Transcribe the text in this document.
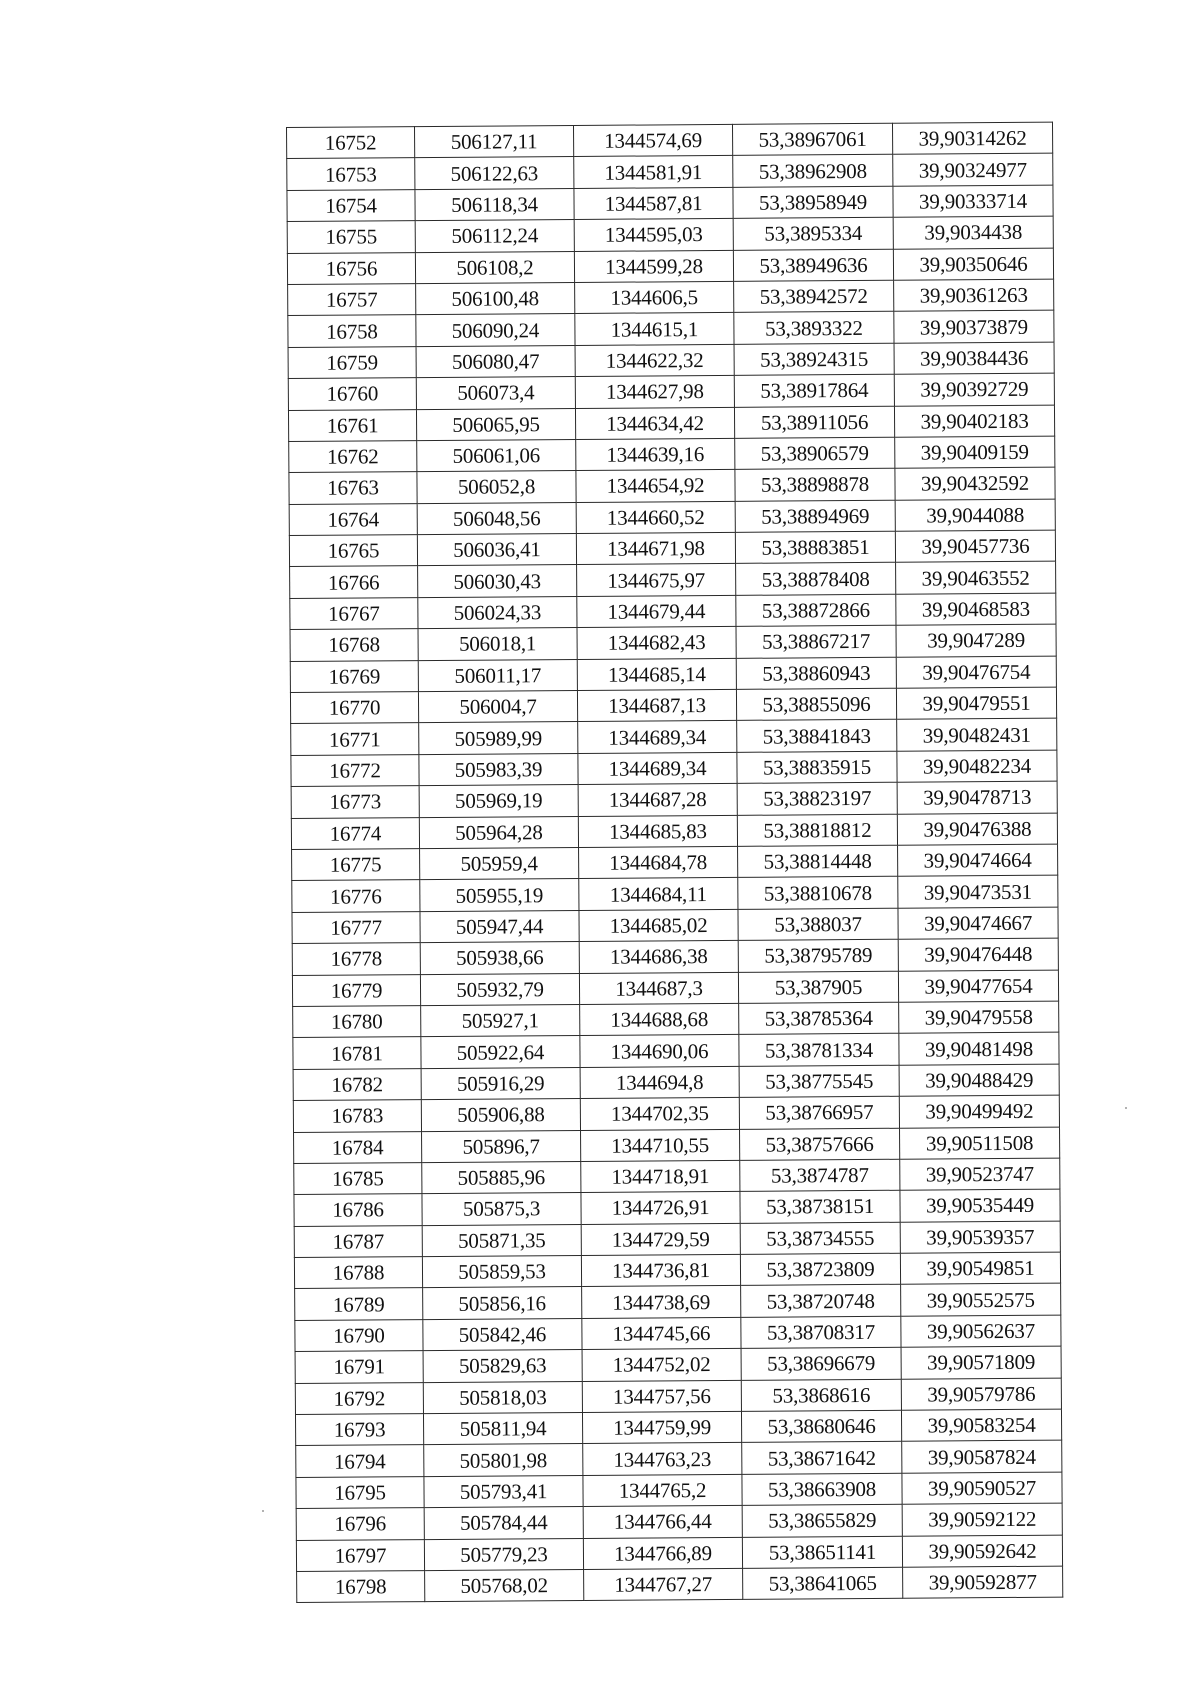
16752	506127,11	1344574,69	53,38967061	39,90314262
16753	506122,63	1344581,91	53,38962908	39,90324977
16754	506118,34	1344587,81	53,38958949	39,90333714
16755	506112,24	1344595,03	53,3895334	39,9034438
16756	506108,2	1344599,28	53,38949636	39,90350646
16757	506100,48	1344606,5	53,38942572	39,90361263
16758	506090,24	1344615,1	53,3893322	39,90373879
16759	506080,47	1344622,32	53,38924315	39,90384436
16760	506073,4	1344627,98	53,38917864	39,90392729
16761	506065,95	1344634,42	53,38911056	39,90402183
16762	506061,06	1344639,16	53,38906579	39,90409159
16763	506052,8	1344654,92	53,38898878	39,90432592
16764	506048,56	1344660,52	53,38894969	39,9044088
16765	506036,41	1344671,98	53,38883851	39,90457736
16766	506030,43	1344675,97	53,38878408	39,90463552
16767	506024,33	1344679,44	53,38872866	39,90468583
16768	506018,1	1344682,43	53,38867217	39,9047289
16769	506011,17	1344685,14	53,38860943	39,90476754
16770	506004,7	1344687,13	53,38855096	39,90479551
16771	505989,99	1344689,34	53,38841843	39,90482431
16772	505983,39	1344689,34	53,38835915	39,90482234
16773	505969,19	1344687,28	53,38823197	39,90478713
16774	505964,28	1344685,83	53,38818812	39,90476388
16775	505959,4	1344684,78	53,38814448	39,90474664
16776	505955,19	1344684,11	53,38810678	39,90473531
16777	505947,44	1344685,02	53,388037	39,90474667
16778	505938,66	1344686,38	53,38795789	39,90476448
16779	505932,79	1344687,3	53,387905	39,90477654
16780	505927,1	1344688,68	53,38785364	39,90479558
16781	505922,64	1344690,06	53,38781334	39,90481498
16782	505916,29	1344694,8	53,38775545	39,90488429
16783	505906,88	1344702,35	53,38766957	39,90499492
16784	505896,7	1344710,55	53,38757666	39,90511508
16785	505885,96	1344718,91	53,3874787	39,90523747
16786	505875,3	1344726,91	53,38738151	39,90535449
16787	505871,35	1344729,59	53,38734555	39,90539357
16788	505859,53	1344736,81	53,38723809	39,90549851
16789	505856,16	1344738,69	53,38720748	39,90552575
16790	505842,46	1344745,66	53,38708317	39,90562637
16791	505829,63	1344752,02	53,38696679	39,90571809
16792	505818,03	1344757,56	53,3868616	39,90579786
16793	505811,94	1344759,99	53,38680646	39,90583254
16794	505801,98	1344763,23	53,38671642	39,90587824
16795	505793,41	1344765,2	53,38663908	39,90590527
16796	505784,44	1344766,44	53,38655829	39,90592122
16797	505779,23	1344766,89	53,38651141	39,90592642
16798	505768,02	1344767,27	53,38641065	39,90592877
